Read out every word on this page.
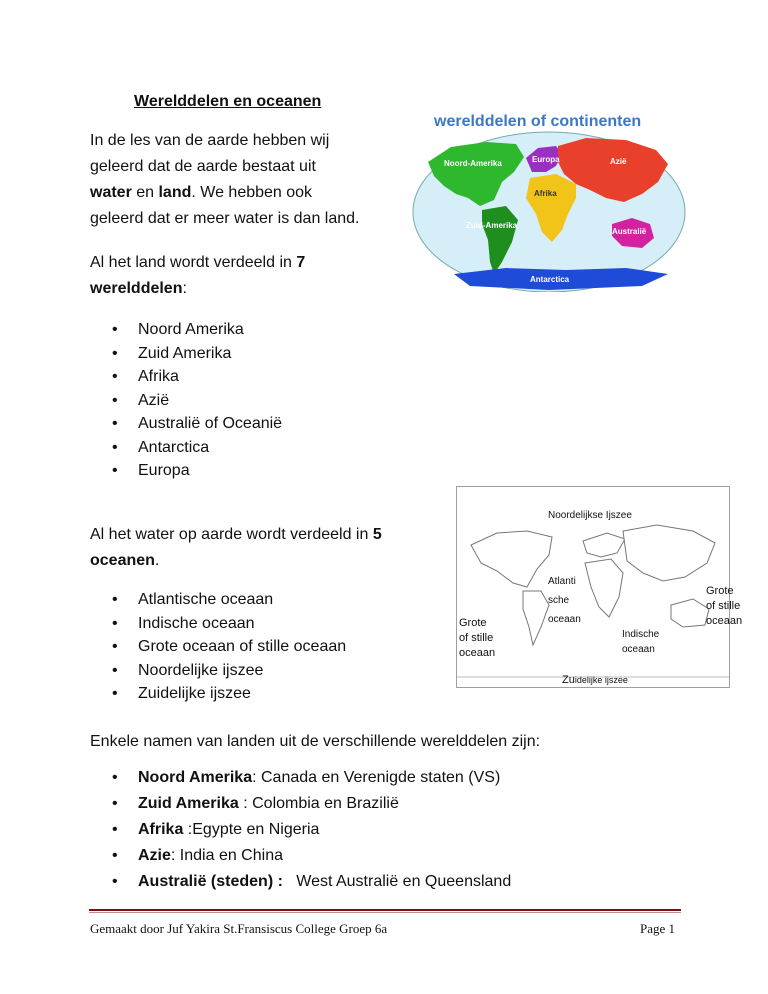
Werelddelen en oceanen
In de les van de aarde hebben wij
geleerd dat de aarde bestaat uit
water en land. We hebben ook
geleerd dat er meer water is dan land.
Al het land wordt verdeeld in 7
werelddelen:
• Noord Amerika
• Zuid Amerika
• Afrika
• Azië
• Australië of Oceanië
• Antarctica
• Europa
Al het water op aarde wordt verdeeld in 5
oceanen.
• Atlantische oceaan
• Indische oceaan
• Grote oceaan of stille oceaan
• Noordelijke ijszee
• Zuidelijke ijszee
Enkele namen van landen uit de verschillende werelddelen zijn:
• Noord Amerika: Canada en Verenigde staten (VS)
• Zuid Amerika : Colombia en Brazilië
• Afrika :Egypte en Nigeria
• Azie: India en China
• Australië (steden) : West Australië en Queensland
werelddelen of continenten
Noord-Amerika	Europa	Azië
Afrika
Zuid-Amerika
Australië
Antarctica
Noordelijkse Ijszee
Atlanti
sche
oceaan
Indische
oceaan
Grote
of stille
oceaan
Grote
of stille
oceaan
Zuidelijke ijszee
Gemaakt door Juf Yakira St.Fransiscus College Groep 6a	Page 1
